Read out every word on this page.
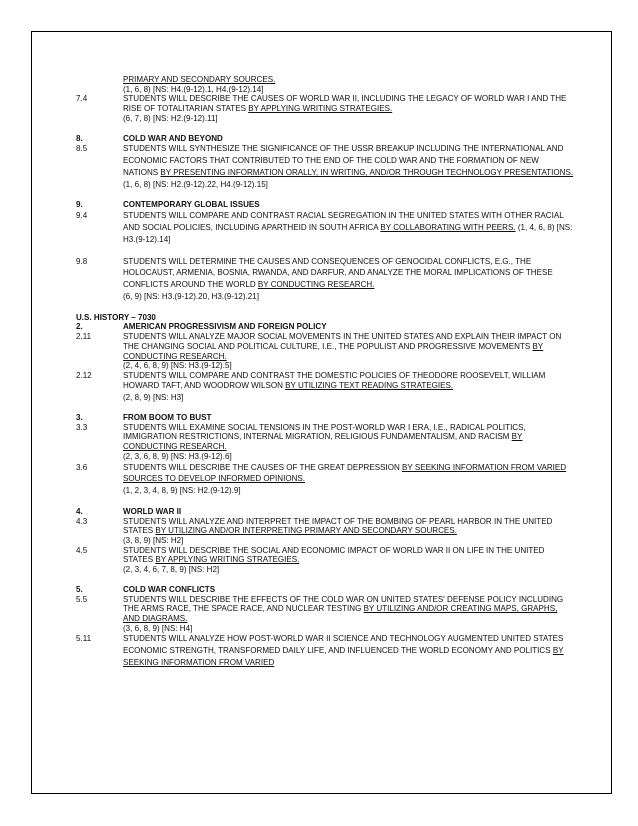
PRIMARY AND SECONDARY SOURCES.
(1, 6, 8) [NS: H4.(9-12).1, H4.(9-12).14]
7.4	STUDENTS WILL DESCRIBE THE CAUSES OF WORLD WAR II, INCLUDING THE LEGACY OF WORLD WAR I AND THE RISE OF TOTALITARIAN STATES BY APPLYING WRITING STRATEGIES.
(6, 7, 8) [NS: H2.(9-12).11]
8.	COLD WAR AND BEYOND
8.5	STUDENTS WILL SYNTHESIZE THE SIGNIFICANCE OF THE USSR BREAKUP INCLUDING THE INTERNATIONAL AND ECONOMIC FACTORS THAT CONTRIBUTED TO THE END OF THE COLD WAR AND THE FORMATION OF NEW NATIONS BY PRESENTING INFORMATION ORALLY, IN WRITING, AND/OR THROUGH TECHNOLOGY PRESENTATIONS.
(1, 6, 8) [NS: H2.(9-12).22, H4.(9-12).15]
9.	CONTEMPORARY GLOBAL ISSUES
9.4	STUDENTS WILL COMPARE AND CONTRAST RACIAL SEGREGATION IN THE UNITED STATES WITH OTHER RACIAL AND SOCIAL POLICIES, INCLUDING APARTHEID IN SOUTH AFRICA BY COLLABORATING WITH PEERS. (1, 4, 6, 8) [NS: H3.(9-12).14]
9.8	STUDENTS WILL DETERMINE THE CAUSES AND CONSEQUENCES OF GENOCIDAL CONFLICTS, E.G., THE HOLOCAUST, ARMENIA, BOSNIA, RWANDA, AND DARFUR, AND ANALYZE THE MORAL IMPLICATIONS OF THESE CONFLICTS AROUND THE WORLD BY CONDUCTING RESEARCH.
(6, 9) [NS: H3.(9-12).20, H3.(9-12).21]
U.S. HISTORY – 7030
2.	AMERICAN PROGRESSIVISM AND FOREIGN POLICY
2.11	STUDENTS WILL ANALYZE MAJOR SOCIAL MOVEMENTS IN THE UNITED STATES AND EXPLAIN THEIR IMPACT ON THE CHANGING SOCIAL AND POLITICAL CULTURE, I.E., THE POPULIST AND PROGRESSIVE MOVEMENTS BY CONDUCTING RESEARCH.
(2, 4, 6, 8, 9) [NS: H3.(9-12).5]
2.12	STUDENTS WILL COMPARE AND CONTRAST THE DOMESTIC POLICIES OF THEODORE ROOSEVELT, WILLIAM HOWARD TAFT, AND WOODROW WILSON BY UTILIZING TEXT READING STRATEGIES.
(2, 8, 9) [NS: H3]
3.	FROM BOOM TO BUST
3.3	STUDENTS WILL EXAMINE SOCIAL TENSIONS IN THE POST-WORLD WAR I ERA, I.E., RADICAL POLITICS, IMMIGRATION RESTRICTIONS, INTERNAL MIGRATION, RELIGIOUS FUNDAMENTALISM, AND RACISM BY CONDUCTING RESEARCH.
(2, 3, 6, 8, 9) [NS: H3.(9-12).6]
3.6	STUDENTS WILL DESCRIBE THE CAUSES OF THE GREAT DEPRESSION BY SEEKING INFORMATION FROM VARIED SOURCES TO DEVELOP INFORMED OPINIONS.
(1, 2, 3, 4, 8, 9) [NS: H2.(9-12).9]
4.	WORLD WAR II
4.3	STUDENTS WILL ANALYZE AND INTERPRET THE IMPACT OF THE BOMBING OF PEARL HARBOR IN THE UNITED STATES BY UTILIZING AND/OR INTERPRETING PRIMARY AND SECONDARY SOURCES.
(3, 8, 9) [NS: H2]
4.5	STUDENTS WILL DESCRIBE THE SOCIAL AND ECONOMIC IMPACT OF WORLD WAR II ON LIFE IN THE UNITED STATES BY APPLYING WRITING STRATEGIES.
(2, 3, 4, 6, 7, 8, 9) [NS: H2]
5.	COLD WAR CONFLICTS
5.5	STUDENTS WILL DESCRIBE THE EFFECTS OF THE COLD WAR ON UNITED STATES' DEFENSE POLICY INCLUDING THE ARMS RACE, THE SPACE RACE, AND NUCLEAR TESTING BY UTILIZING AND/OR CREATING MAPS, GRAPHS, AND DIAGRAMS.
(3, 6, 8, 9) [NS: H4]
5.11	STUDENTS WILL ANALYZE HOW POST-WORLD WAR II SCIENCE AND TECHNOLOGY AUGMENTED UNITED STATES ECONOMIC STRENGTH, TRANSFORMED DAILY LIFE, AND INFLUENCED THE WORLD ECONOMY AND POLITICS BY SEEKING INFORMATION FROM VARIED
